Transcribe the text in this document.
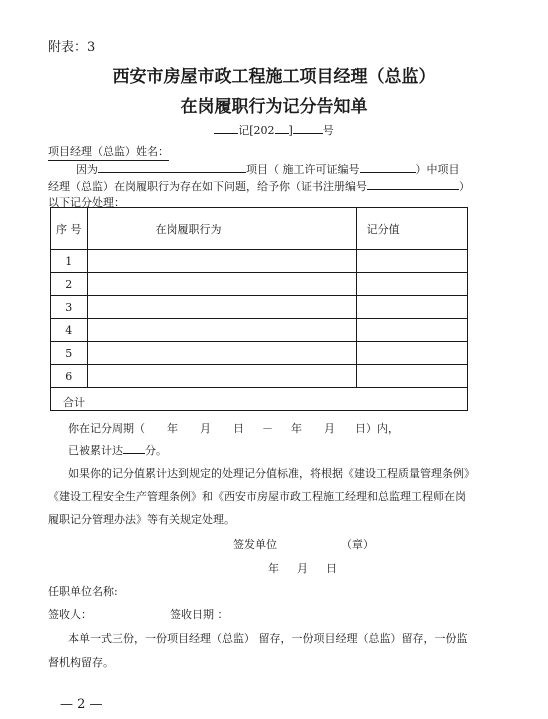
附表：3
西安市房屋市政工程施工项目经理（总监）
在岗履职行为记分告知单
记[202 ]	号
项目经理（总监）姓名：
因为	项目（ 施工许可证编号	）中项目
经理（总监）在岗履职行为存在如下问题，给予你（证书注册编号	）
以下记分处理：
序 号	在岗履职行为	记分值
1		
2		
3		
4		
5		
6		
合计		
你在记分周期（ 年 月 日 － 年 月 日）内，
已被累计达 分。
如果你的记分值累计达到规定的处理记分值标准，将根据《建设工程质量管理条例》
《建设工程安全生产管理条例》和《西安市房屋市政工程施工经理和总监理工程师在岗
履职记分管理办法》等有关规定处理。
签发单位	（章）
年 月 日
任职单位名称:
签收人：	签收日期 ：
本单一式三份，一份项目经理（总监） 留存，一份项目经理（总监）留存，一份监
督机构留存。
— 2 —
